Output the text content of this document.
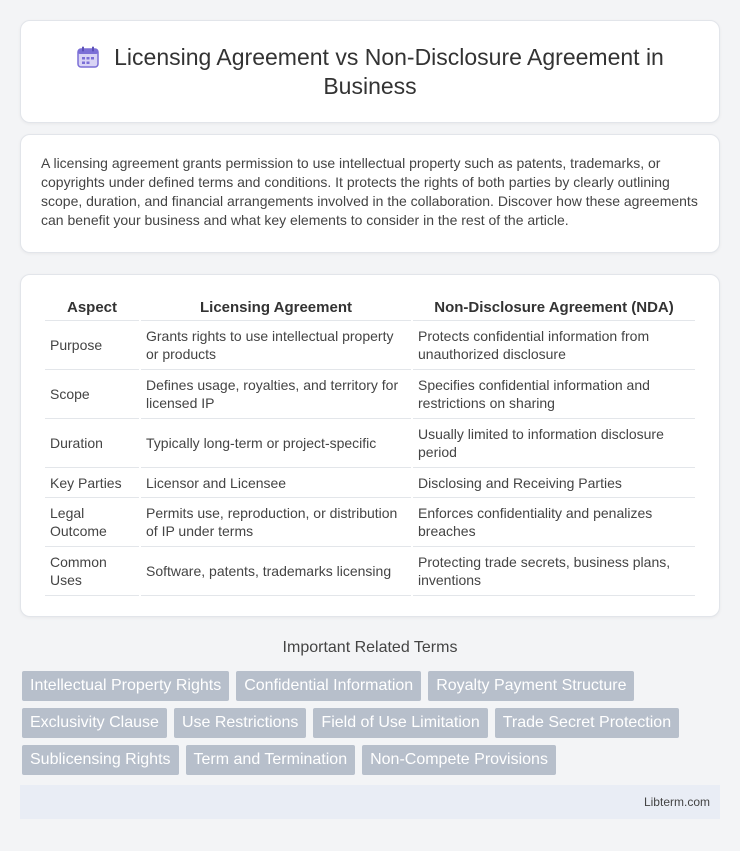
Licensing Agreement vs Non-Disclosure Agreement in Business

A licensing agreement grants permission to use intellectual property such as patents, trademarks, or copyrights under defined terms and conditions. It protects the rights of both parties by clearly outlining scope, duration, and financial arrangements involved in the collaboration. Discover how these agreements can benefit your business and what key elements to consider in the rest of the article.

Aspect	Licensing Agreement	Non-Disclosure Agreement (NDA)
Purpose	Grants rights to use intellectual property or products	Protects confidential information from unauthorized disclosure
Scope	Defines usage, royalties, and territory for licensed IP	Specifies confidential information and restrictions on sharing
Duration	Typically long-term or project-specific	Usually limited to information disclosure period
Key Parties	Licensor and Licensee	Disclosing and Receiving Parties
Legal Outcome	Permits use, reproduction, or distribution of IP under terms	Enforces confidentiality and penalizes breaches
Common Uses	Software, patents, trademarks licensing	Protecting trade secrets, business plans, inventions
Important Related Terms
Intellectual Property Rights	Confidential Information	Royalty Payment Structure
Exclusivity Clause	Use Restrictions	Field of Use Limitation	Trade Secret Protection
Sublicensing Rights	Term and Termination	Non-Compete Provisions
Libterm.com
